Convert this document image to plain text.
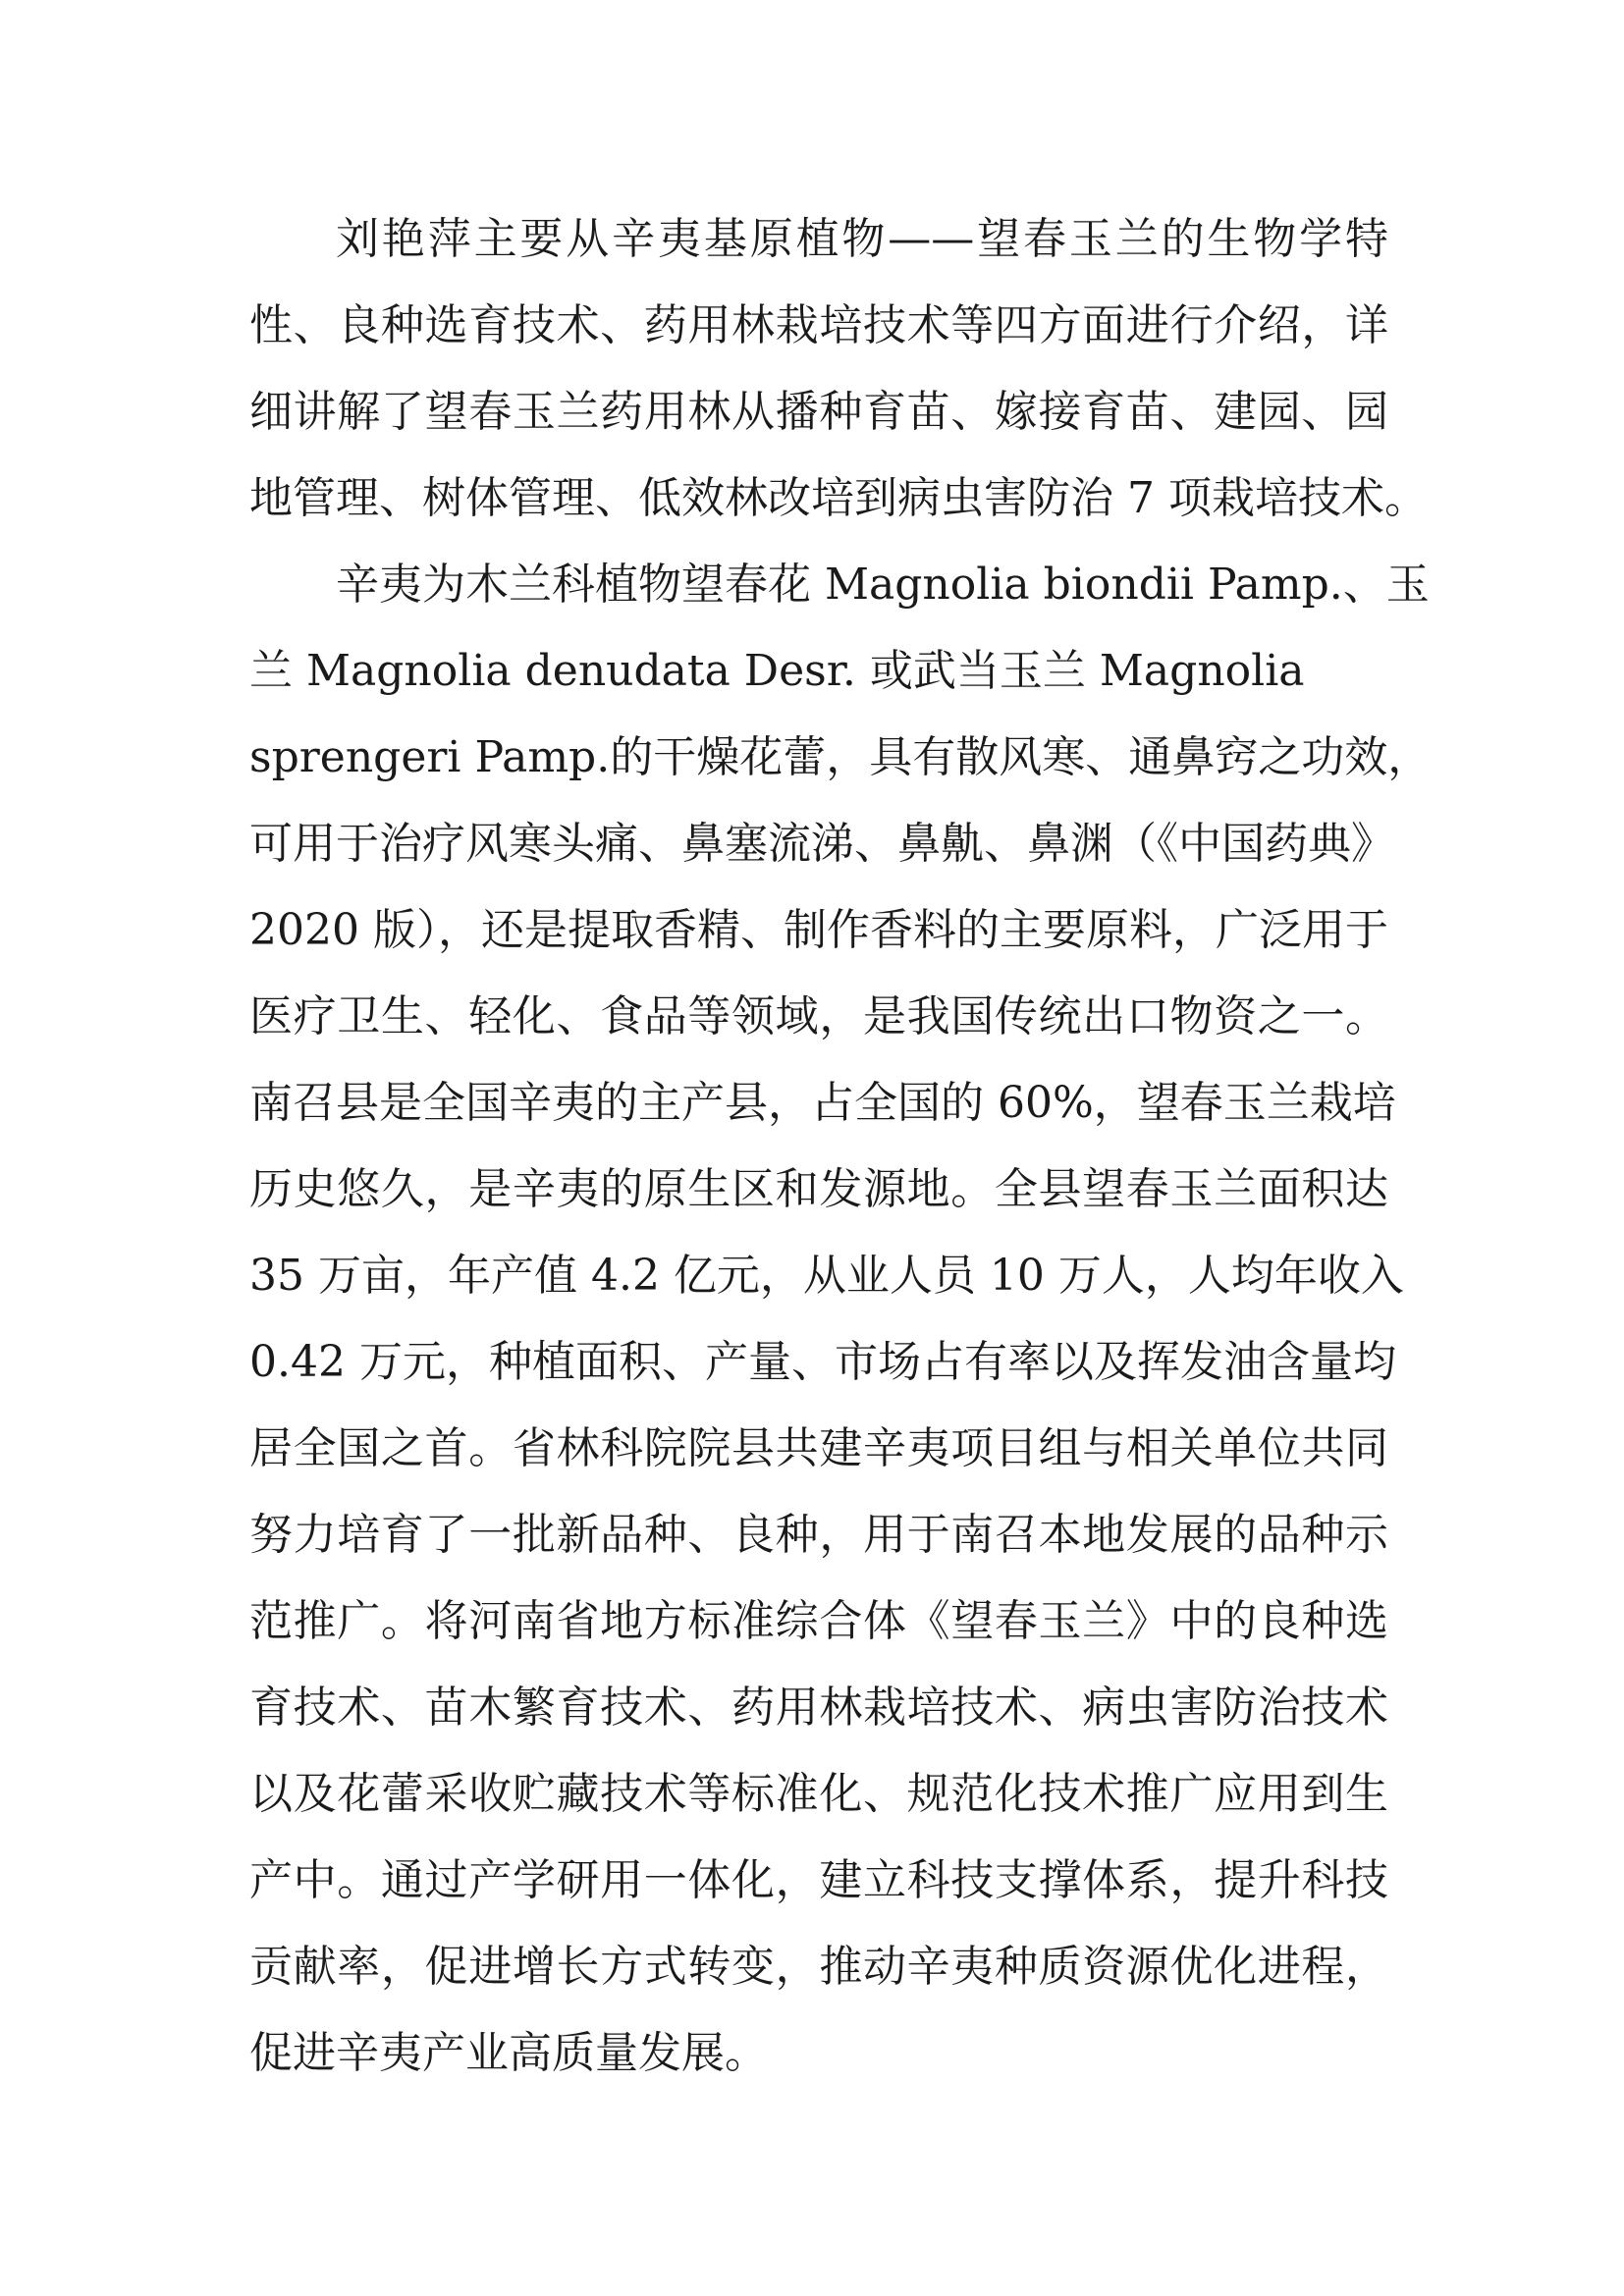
刘艳萍主要从辛夷基原植物——望春玉兰的生物学特
性、良种选育技术、药用林栽培技术等四方面进行介绍，详
细讲解了望春玉兰药用林从播种育苗、嫁接育苗、建园、园
地管理、树体管理、低效林改培到病虫害防治 7 项栽培技术。
辛夷为木兰科植物望春花 Magnolia biondii Pamp.、玉
兰 Magnolia denudata Desr. 或武当玉兰 Magnolia
sprengeri Pamp.的干燥花蕾，具有散风寒、通鼻窍之功效，
可用于治疗风寒头痛、鼻塞流涕、鼻鼽、鼻渊（《中国药典》
2020 版），还是提取香精、制作香料的主要原料，广泛用于
医疗卫生、轻化、食品等领域，是我国传统出口物资之一。
南召县是全国辛夷的主产县，占全国的 60%，望春玉兰栽培
历史悠久，是辛夷的原生区和发源地。全县望春玉兰面积达
35 万亩，年产值 4.2 亿元，从业人员 10 万人，人均年收入
0.42 万元，种植面积、产量、市场占有率以及挥发油含量均
居全国之首。省林科院院县共建辛夷项目组与相关单位共同
努力培育了一批新品种、良种，用于南召本地发展的品种示
范推广。将河南省地方标准综合体《望春玉兰》中的良种选
育技术、苗木繁育技术、药用林栽培技术、病虫害防治技术
以及花蕾采收贮藏技术等标准化、规范化技术推广应用到生
产中。通过产学研用一体化，建立科技支撑体系，提升科技
贡献率，促进增长方式转变，推动辛夷种质资源优化进程，
促进辛夷产业高质量发展。
